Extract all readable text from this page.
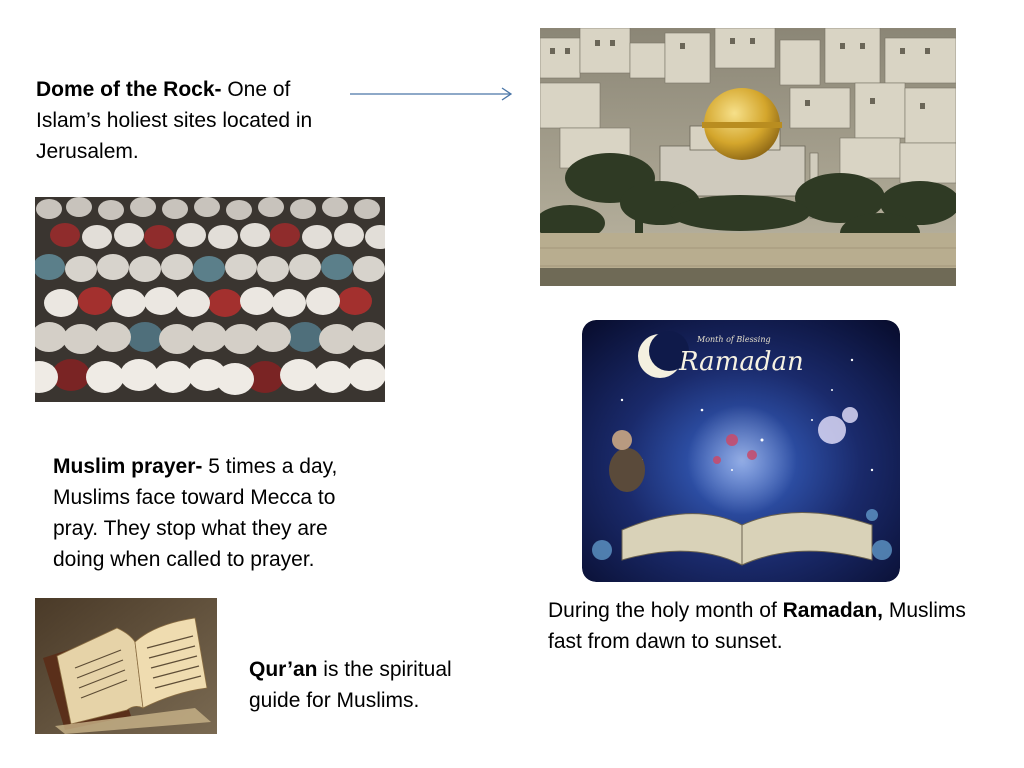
Dome of the Rock- One of Islam’s holiest sites located in Jerusalem.
Muslim prayer- 5 times a day, Muslims face toward Mecca to pray. They stop what they are doing when called to prayer.
Ramadan
Month of Blessing
During the holy month of Ramadan, Muslims fast from dawn to sunset.
Qur’an is the spiritual guide for Muslims.
